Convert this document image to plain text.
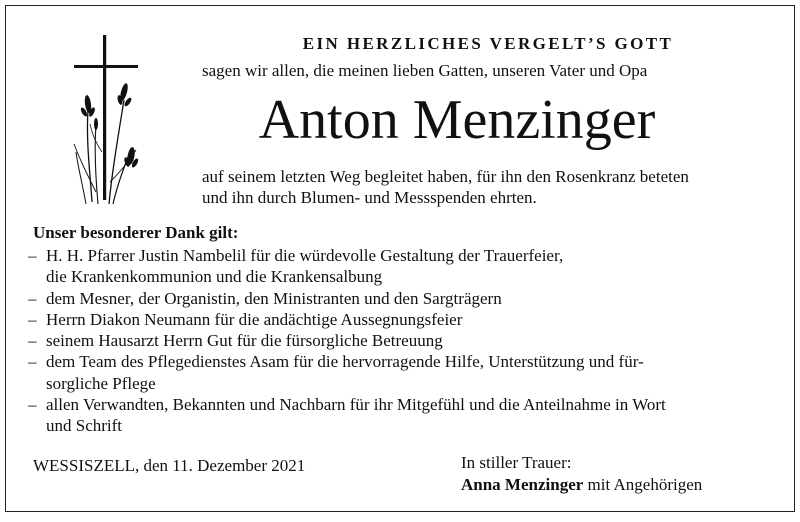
EIN HERZLICHES VERGELT’S GOTT
sagen wir allen, die meinen lieben Gatten, unseren Vater und Opa
Anton Menzinger
auf seinem letzten Weg begleitet haben, für ihn den Rosenkranz beteten
und ihn durch Blumen- und Messspenden ehrten.
Unser besonderer Dank gilt:
– H. H. Pfarrer Justin Nambelil für die würdevolle Gestaltung der Trauerfeier,
die Krankenkommunion und die Krankensalbung
– dem Mesner, der Organistin, den Ministranten und den Sargträgern
– Herrn Diakon Neumann für die andächtige Aussegnungsfeier
– seinem Hausarzt Herrn Gut für die fürsorgliche Betreuung
– dem Team des Pflegedienstes Asam für die hervorragende Hilfe, Unterstützung und für-
sorgliche Pflege
– allen Verwandten, Bekannten und Nachbarn für ihr Mitgefühl und die Anteilnahme in Wort
und Schrift
WESSISZELL, den 11. Dezember 2021	In stiller Trauer:
Anna Menzinger mit Angehörigen
